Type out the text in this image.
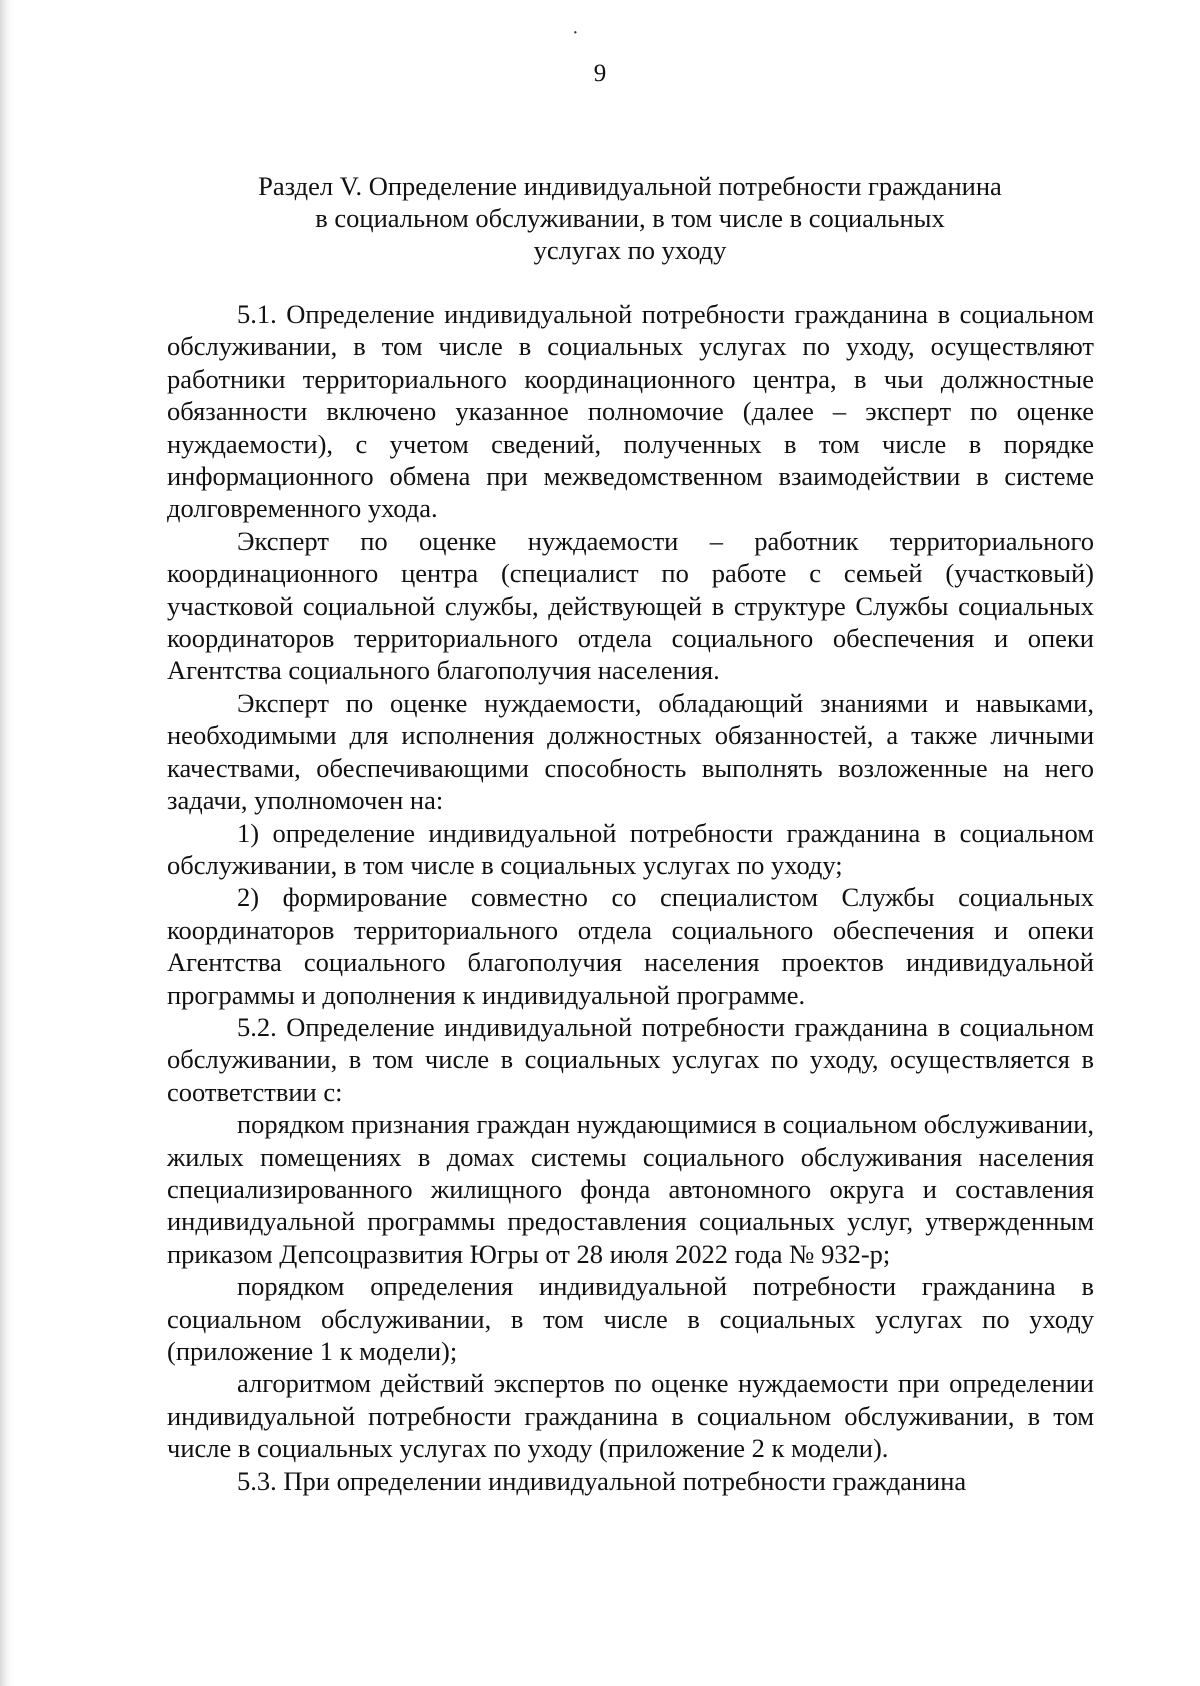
·
9
Раздел V. Определение индивидуальной потребности гражданина
в социальном обслуживании, в том числе в социальных
услугах по уходу

5.1. Определение индивидуальной потребности гражданина в социальном обслуживании, в том числе в социальных услугах по уходу, осуществляют работники территориального координационного центра, в чьи должностные обязанности включено указанное полномочие (далее – эксперт по оценке нуждаемости), с учетом сведений, полученных в том числе в порядке информационного обмена при межведомственном взаимодействии в системе долговременного ухода.

Эксперт по оценке нуждаемости – работник территориального координационного центра (специалист по работе с семьей (участковый) участковой социальной службы, действующей в структуре Службы социальных координаторов территориального отдела социального обеспечения и опеки Агентства социального благополучия населения.

Эксперт по оценке нуждаемости, обладающий знаниями и навыками, необходимыми для исполнения должностных обязанностей, а также личными качествами, обеспечивающими способность выполнять возложенные на него задачи, уполномочен на:

1) определение индивидуальной потребности гражданина в социальном обслуживании, в том числе в социальных услугах по уходу;

2) формирование совместно со специалистом Службы социальных координаторов территориального отдела социального обеспечения и опеки Агентства социального благополучия населения проектов индивидуальной программы и дополнения к индивидуальной программе.

5.2. Определение индивидуальной потребности гражданина в социальном обслуживании, в том числе в социальных услугах по уходу, осуществляется в соответствии с:

порядком признания граждан нуждающимися в социальном обслуживании, жилых помещениях в домах системы социального обслуживания населения специализированного жилищного фонда автономного округа и составления индивидуальной программы предоставления социальных услуг, утвержденным приказом Депсоцразвития Югры от 28 июля 2022 года № 932-р;

порядком определения индивидуальной потребности гражданина в социальном обслуживании, в том числе в социальных услугах по уходу (приложение 1 к модели);

алгоритмом действий экспертов по оценке нуждаемости при определении индивидуальной потребности гражданина в социальном обслуживании, в том числе в социальных услугах по уходу (приложение 2 к модели).

5.3. При определении индивидуальной потребности гражданина
